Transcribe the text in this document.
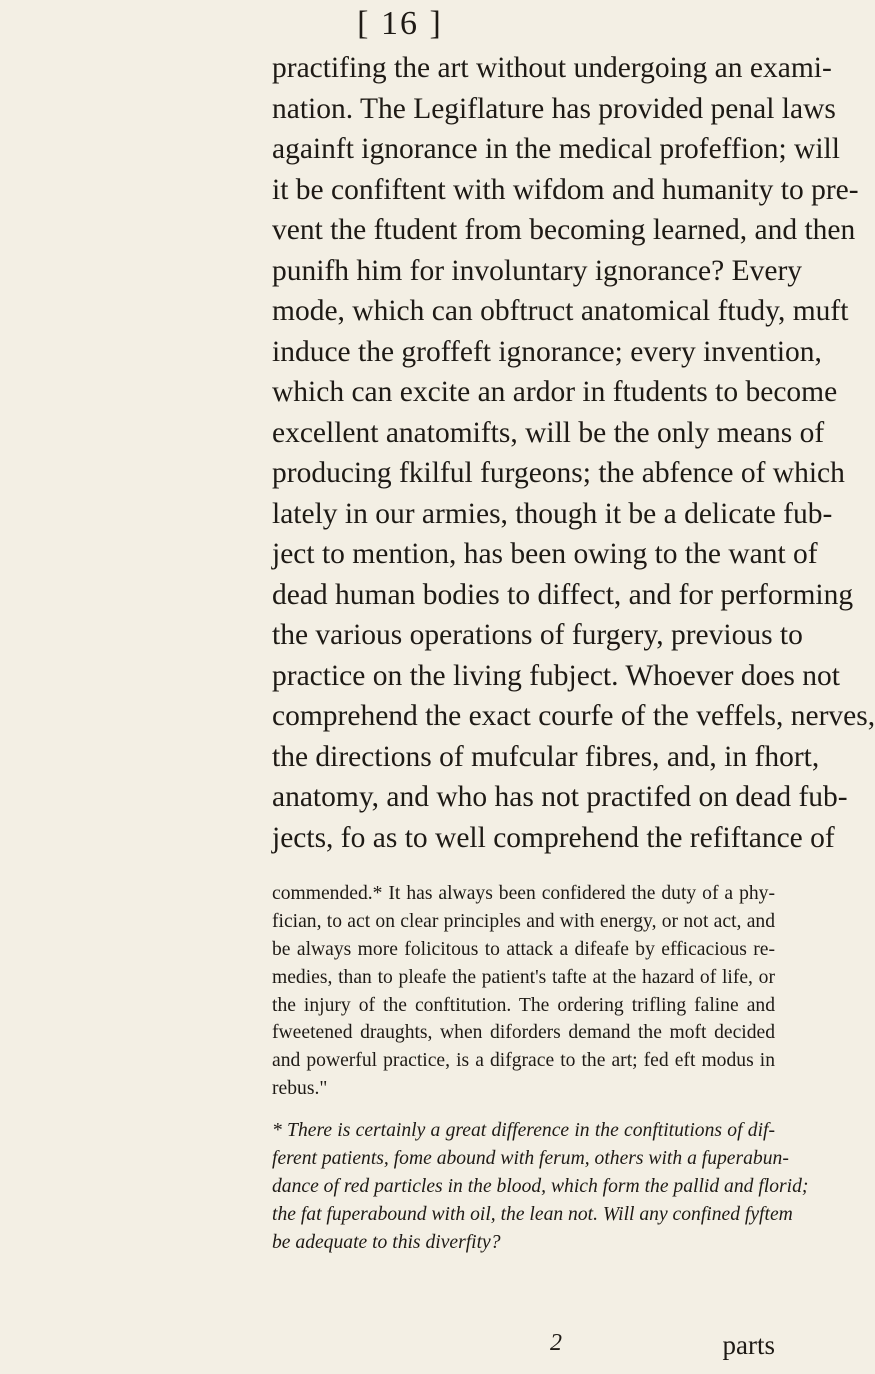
[ 16 ]
practifing the art without undergoing an exami-
nation. The Legiflature has provided penal laws
againft ignorance in the medical profeffion; will
it be confiftent with wifdom and humanity to pre-
vent the ftudent from becoming learned, and then
punifh him for involuntary ignorance? Every
mode, which can obftruct anatomical ftudy, muft
induce the groffeft ignorance; every invention,
which can excite an ardor in ftudents to become
excellent anatomifts, will be the only means of
producing fkilful furgeons; the abfence of which
lately in our armies, though it be a delicate fub-
ject to mention, has been owing to the want of
dead human bodies to diffect, and for performing
the various operations of furgery, previous to
practice on the living fubject. Whoever does not
comprehend the exact courfe of the veffels, nerves,
the directions of mufcular fibres, and, in fhort,
anatomy, and who has not practifed on dead fub-
jects, fo as to well comprehend the refiftance of
commended.* It has always been confidered the duty of a phy-
fician, to act on clear principles and with energy, or not act, and
be always more folicitous to attack a difeafe by efficacious re-
medies, than to pleafe the patient's tafte at the hazard of life, or
the injury of the conftitution. The ordering trifling faline and
fweetened draughts, when diforders demand the moft decided
and powerful practice, is a difgrace to the art; fed eft modus in
rebus."
* There is certainly a great difference in the conftitutions of dif-
ferent patients, fome abound with ferum, others with a fuperabun-
dance of red particles in the blood, which form the pallid and florid;
the fat fuperabound with oil, the lean not. Will any confined fyftem
be adequate to this diverfity?
2	parts
